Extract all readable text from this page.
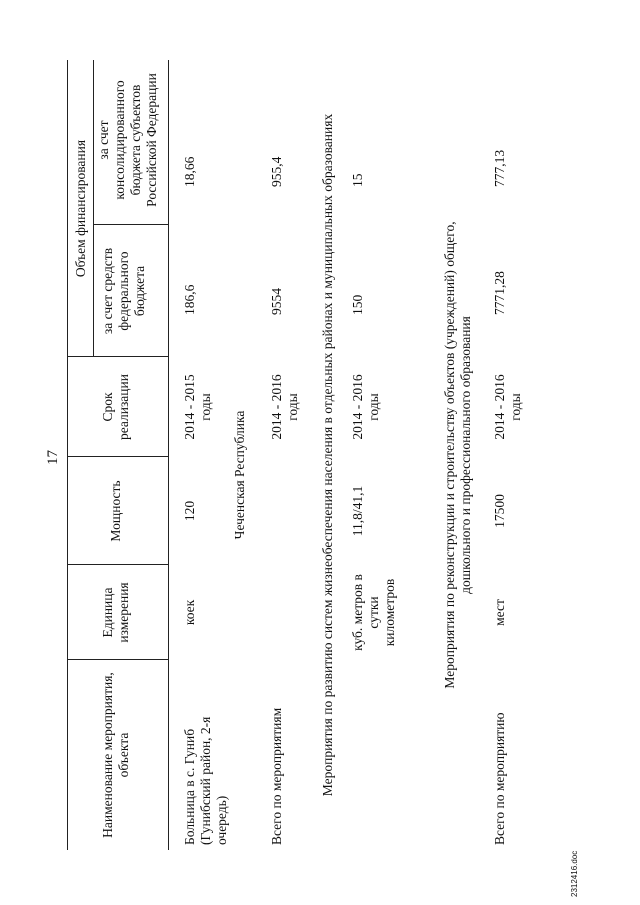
17
Наименование мероприятия, объекта
Единица измерения
Мощность
Срок реализации
Объем финансирования
за счет средств федерального бюджета
за счет консолидированного бюджета субъектов Российской Федерации
Больница в с. Гуниб (Гунибский район, 2-я очередь)
коек
120
2014 - 2015 годы
186,6
18,66
Чеченская Республика
Всего по мероприятиям
2014 - 2016 годы
9554
955,4	Мероприятия по развитию систем жизнеобеспечения населения в отдельных районах и муниципальных образованиях куб. метров в сутки километров
11,8/41,1
2014 - 2016 годы
150
15
Мероприятия по реконструкции и строительству объектов (учреждений) общего, дошкольного и профессионального образования
Всего по мероприятию
мест
17500
2014 - 2016 годы
7771,28
777,13
2312416.doc
